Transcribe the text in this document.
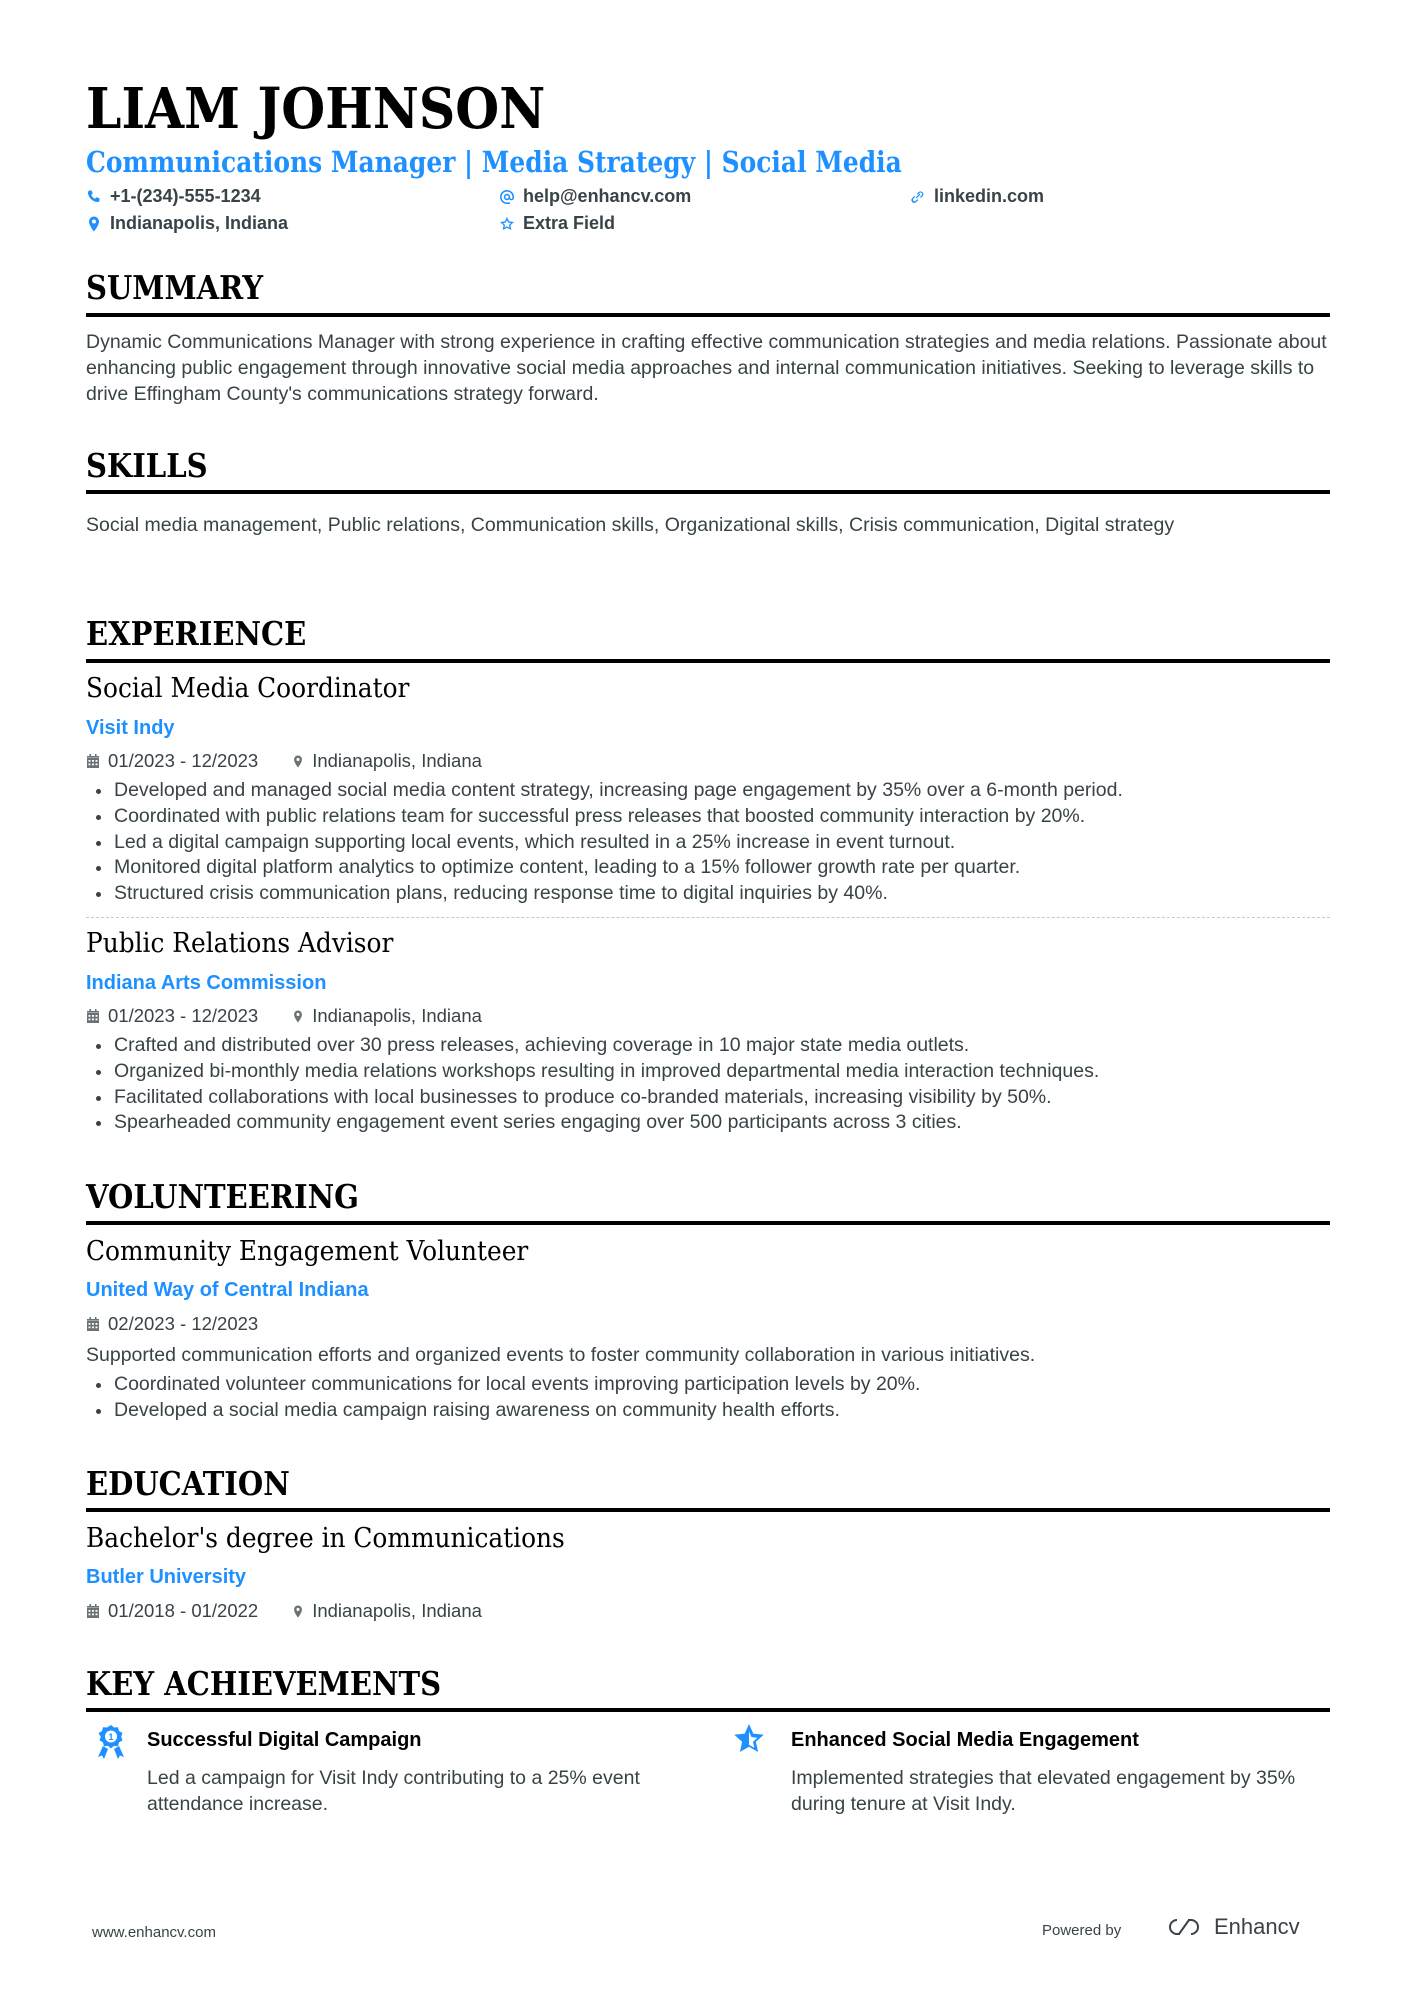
LIAM JOHNSON
Communications Manager | Media Strategy | Social Media
+1-(234)-555-1234	help@enhancv.com	linkedin.com
Indianapolis, Indiana	Extra Field
SUMMARY
Dynamic Communications Manager with strong experience in crafting effective communication strategies and media relations. Passionate about enhancing public engagement through innovative social media approaches and internal communication initiatives. Seeking to leverage skills to drive Effingham County's communications strategy forward.
SKILLS
Social media management, Public relations, Communication skills, Organizational skills, Crisis communication, Digital strategy
EXPERIENCE
Social Media Coordinator
Visit Indy
01/2023 - 12/2023	Indianapolis, Indiana
Developed and managed social media content strategy, increasing page engagement by 35% over a 6-month period.
Coordinated with public relations team for successful press releases that boosted community interaction by 20%.
Led a digital campaign supporting local events, which resulted in a 25% increase in event turnout.
Monitored digital platform analytics to optimize content, leading to a 15% follower growth rate per quarter.
Structured crisis communication plans, reducing response time to digital inquiries by 40%.
Public Relations Advisor
Indiana Arts Commission
01/2023 - 12/2023	Indianapolis, Indiana
Crafted and distributed over 30 press releases, achieving coverage in 10 major state media outlets.
Organized bi-monthly media relations workshops resulting in improved departmental media interaction techniques.
Facilitated collaborations with local businesses to produce co-branded materials, increasing visibility by 50%.
Spearheaded community engagement event series engaging over 500 participants across 3 cities.
VOLUNTEERING
Community Engagement Volunteer
United Way of Central Indiana
02/2023 - 12/2023
Supported communication efforts and organized events to foster community collaboration in various initiatives.
Coordinated volunteer communications for local events improving participation levels by 20%.
Developed a social media campaign raising awareness on community health efforts.
EDUCATION
Bachelor's degree in Communications
Butler University
01/2018 - 01/2022	Indianapolis, Indiana
KEY ACHIEVEMENTS
1 Successful Digital Campaign
Led a campaign for Visit Indy contributing to a 25% event attendance increase.
Enhanced Social Media Engagement
Implemented strategies that elevated engagement by 35% during tenure at Visit Indy.
www.enhancv.com	Powered by	Enhancv
